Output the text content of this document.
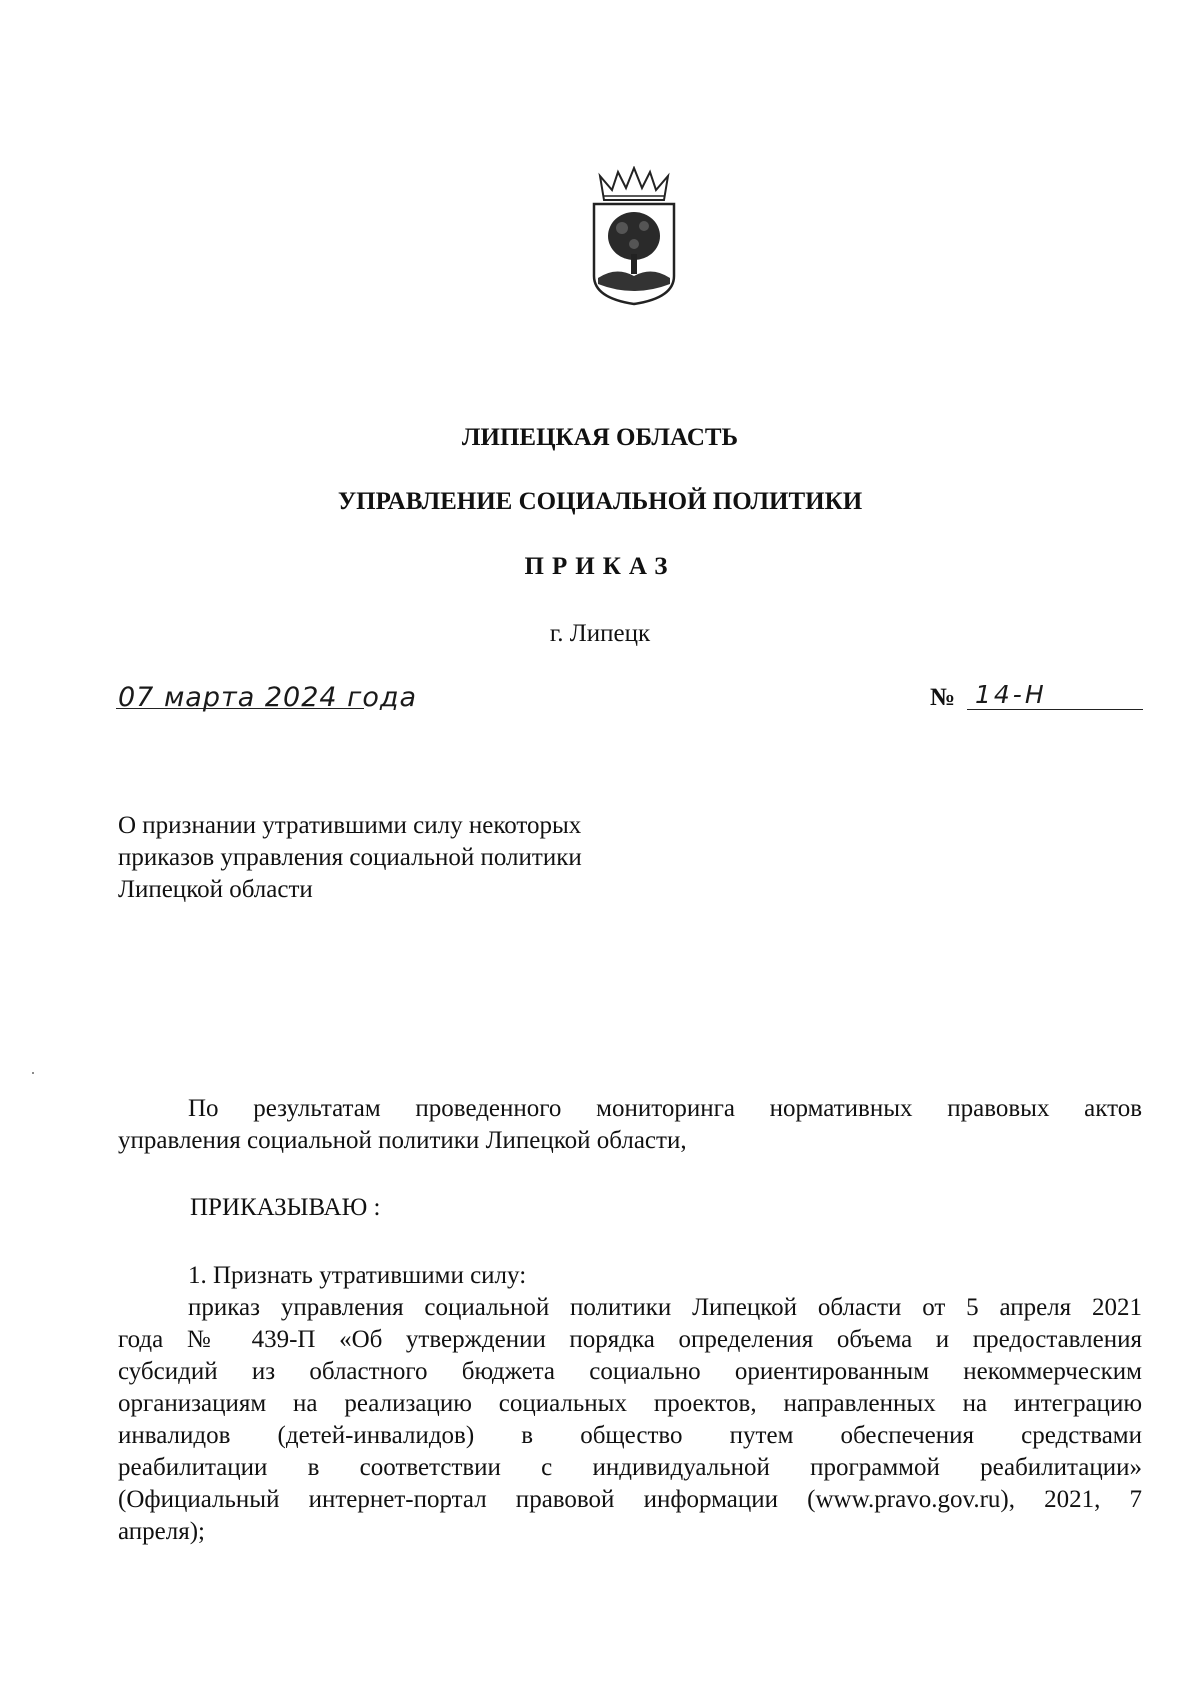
ЛИПЕЦКАЯ ОБЛАСТЬ
УПРАВЛЕНИЕ СОЦИАЛЬНОЙ ПОЛИТИКИ
ПРИКАЗ
г. Липецк
07 марта 2024 года	№ 14-Н
О признании утратившими силу некоторых
приказов управления социальной политики
Липецкой области
По результатам проведенного мониторинга нормативных правовых актов
управления социальной политики Липецкой области,
ПРИКАЗЫВАЮ :
1. Признать утратившими силу:
приказ управления социальной политики Липецкой области от 5 апреля 2021
года № 439-П «Об утверждении порядка определения объема и предоставления
субсидий из областного бюджета социально ориентированным некоммерческим
организациям на реализацию социальных проектов, направленных на интеграцию
инвалидов (детей-инвалидов) в общество путем обеспечения средствами
реабилитации в соответствии с индивидуальной программой реабилитации»
(Официальный интернет-портал правовой информации (www.pravo.gov.ru), 2021, 7
апреля);
